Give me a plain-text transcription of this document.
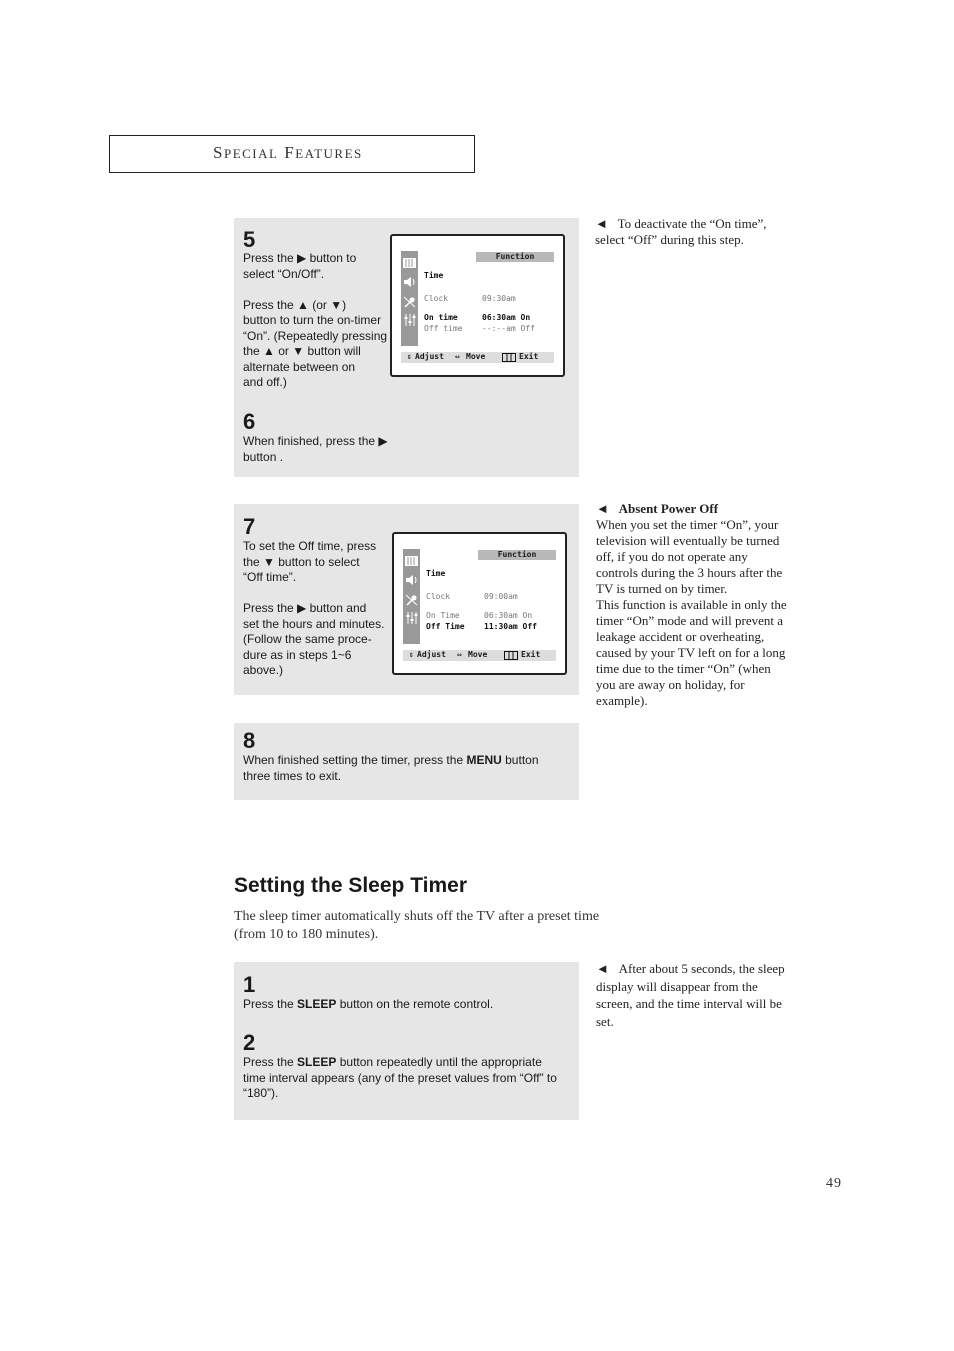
SPECIAL FEATURES
5

Press the ▶ button to

select “On/Off”.

Press the ▲ (or ▼)

button to turn the on-timer

“On”. (Repeatedly pressing

the ▲ or ▼ button will

alternate between on

and off.)

6

When finished, press the ▶

button .

Function
Time
Clock	09:30am
On time	06:30am On
Off time --:--am Off
⇕ Adjust ⇔ Move	Exit
◄ To deactivate the “On time”,
select “Off” during this step.
7

To set the Off time, press

the ▼ button to select

“Off time”.

Press the ▶ button and

set the hours and minutes.

(Follow the same proce-

dure as in steps 1~6

above.)

Function
Time
Clock	09:00am
On Time	06:30am On
Off Time 11:30am Off
⇕ Adjust ⇔ Move	Exit
◄ Absent Power Off
When you set the timer “On”, your
television will eventually be turned
off, if you do not operate any
controls during the 3 hours after the
TV is turned on by timer.
This function is available in only the
timer “On” mode and will prevent a
leakage accident or overheating,
caused by your TV left on for a long
time due to the timer “On” (when
you are away on holiday, for
example).
8

When finished setting the timer, press the MENU button

three times to exit.

Setting the Sleep Timer
The sleep timer automatically shuts off the TV after a preset time
(from 10 to 180 minutes).
1

Press the SLEEP button on the remote control.

2

Press the SLEEP button repeatedly until the appropriate

time interval appears (any of the preset values from “Off” to

“180”).

◄ After about 5 seconds, the sleep
display will disappear from the
screen, and the time interval will be
set.
49
